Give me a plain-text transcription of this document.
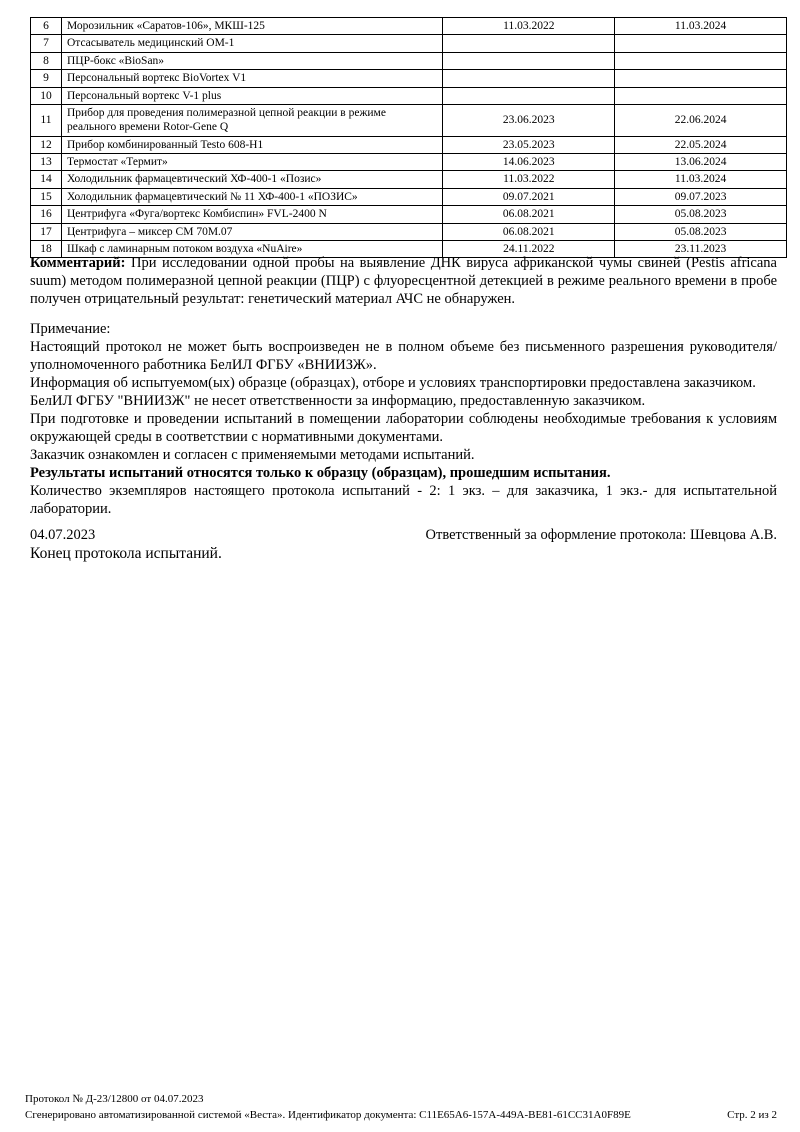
6	Морозильник «Саратов-106», МКШ-125	11.03.2022	11.03.2024
7	Отсасыватель медицинский ОМ-1		
8	ПЦР-бокс «BioSan»		
9	Персональный вортекс BioVortex V1		
10	Персональный вортекс V-1 plus		
11	Прибор для проведения полимеразной цепной реакции в режиме реального времени Rotor-Gene Q	23.06.2023	22.06.2024
12	Прибор комбинированный Testo 608-H1	23.05.2023	22.05.2024
13	Термостат «Термит»	14.06.2023	13.06.2024
14	Холодильник фармацевтический ХФ-400-1 «Позис»	11.03.2022	11.03.2024
15	Холодильник фармацевтический № 11 ХФ-400-1 «ПОЗИС»	09.07.2021	09.07.2023
16	Центрифуга «Фуга/вортекс Комбиспин» FVL-2400 N	06.08.2021	05.08.2023
17	Центрифуга – миксер СМ 70М.07	06.08.2021	05.08.2023
18	Шкаф с ламинарным потоком воздуха «NuAire»	24.11.2022	23.11.2023

Комментарий: При исследовании одной пробы на выявление ДНК вируса африканской чумы свиней (Pestis africana suum) методом полимеразной цепной реакции (ПЦР) с флуоресцентной детекцией в режиме реального времени в пробе получен отрицательный результат: генетический материал АЧС не обнаружен.

Примечание:

Настоящий протокол не может быть воспроизведен не в полном объеме без письменного разрешения руководителя/уполномоченного работника БелИЛ ФГБУ «ВНИИЗЖ».

Информация об испытуемом(ых) образце (образцах), отборе и условиях транспортировки предоставлена заказчиком.

БелИЛ ФГБУ "ВНИИЗЖ" не несет ответственности за информацию, предоставленную заказчиком.

При подготовке и проведении испытаний в помещении лаборатории соблюдены необходимые требования к условиям окружающей среды в соответствии с нормативными документами.

Заказчик ознакомлен и согласен с применяемыми методами испытаний.

Результаты испытаний относятся только к образцу (образцам), прошедшим испытания.

Количество экземпляров настоящего протокола испытаний - 2: 1 экз. – для заказчика, 1 экз.- для испытательной лаборатории.

04.07.2023	Ответственный за оформление протокола: Шевцова А.В.

Конец протокола испытаний.

Протокол № Д-23/12800 от 04.07.2023
Сгенерировано автоматизированной системой «Веста». Идентификатор документа: C11E65A6-157A-449A-BE81-61CC31A0F89E	Стр. 2 из 2
